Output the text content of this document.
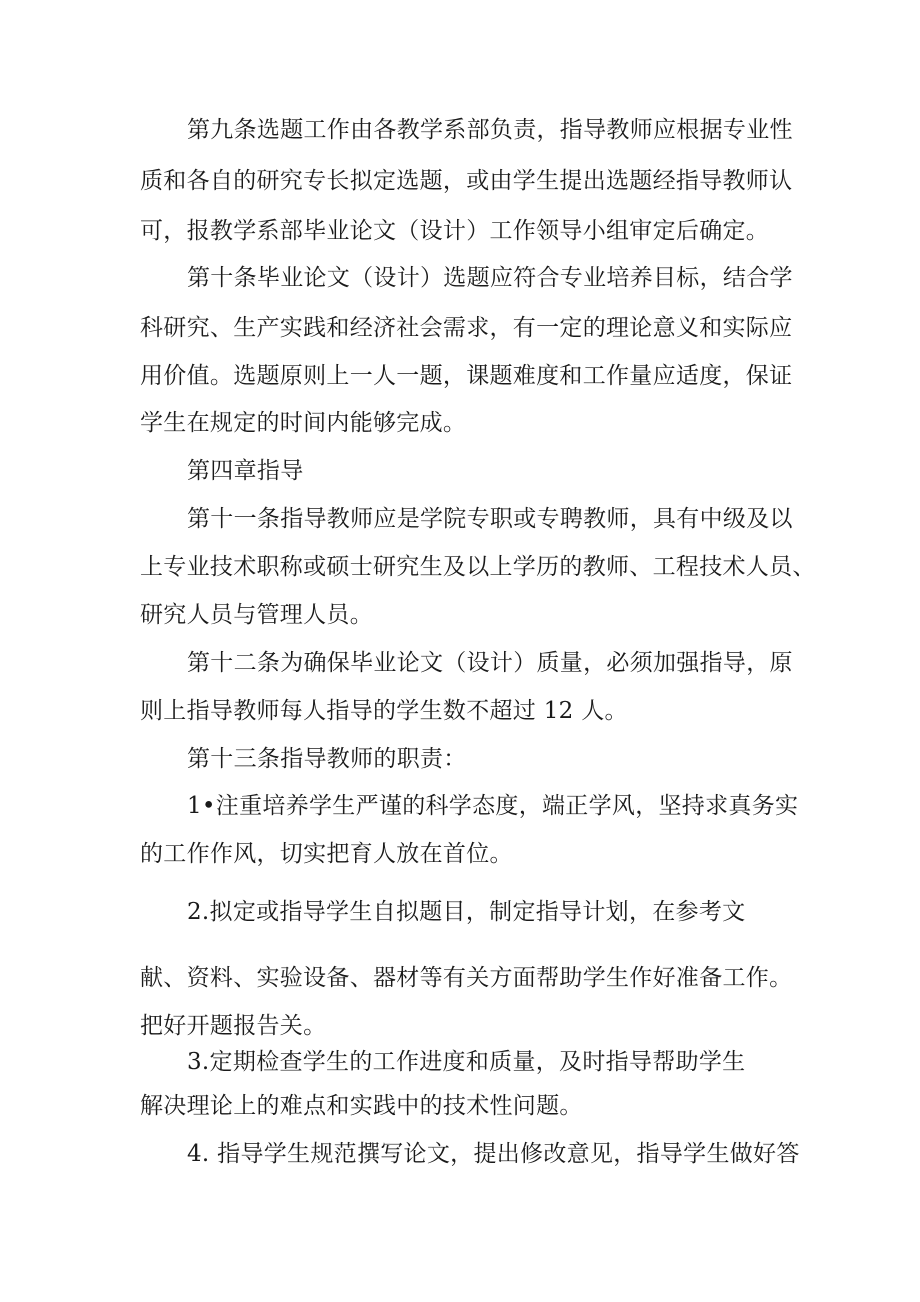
第九条选题工作由各教学系部负责，指导教师应根据专业性
质和各自的研究专长拟定选题，或由学生提出选题经指导教师认
可，报教学系部毕业论文（设计）工作领导小组审定后确定。
第十条毕业论文（设计）选题应符合专业培养目标，结合学
科研究、生产实践和经济社会需求，有一定的理论意义和实际应
用价值。选题原则上一人一题，课题难度和工作量应适度，保证
学生在规定的时间内能够完成。
第四章指导
第十一条指导教师应是学院专职或专聘教师，具有中级及以
上专业技术职称或硕士研究生及以上学历的教师、工程技术人员、
研究人员与管理人员。
第十二条为确保毕业论文（设计）质量，必须加强指导，原
则上指导教师每人指导的学生数不超过 12 人。
第十三条指导教师的职责：
1•注重培养学生严谨的科学态度，端正学风，坚持求真务实
的工作作风，切实把育人放在首位。
2.拟定或指导学生自拟题目，制定指导计划，在参考文
献、资料、实验设备、器材等有关方面帮助学生作好准备工作。
把好开题报告关。
3.定期检查学生的工作进度和质量，及时指导帮助学生
解决理论上的难点和实践中的技术性问题。
4. 指导学生规范撰写论文，提出修改意见，指导学生做好答
